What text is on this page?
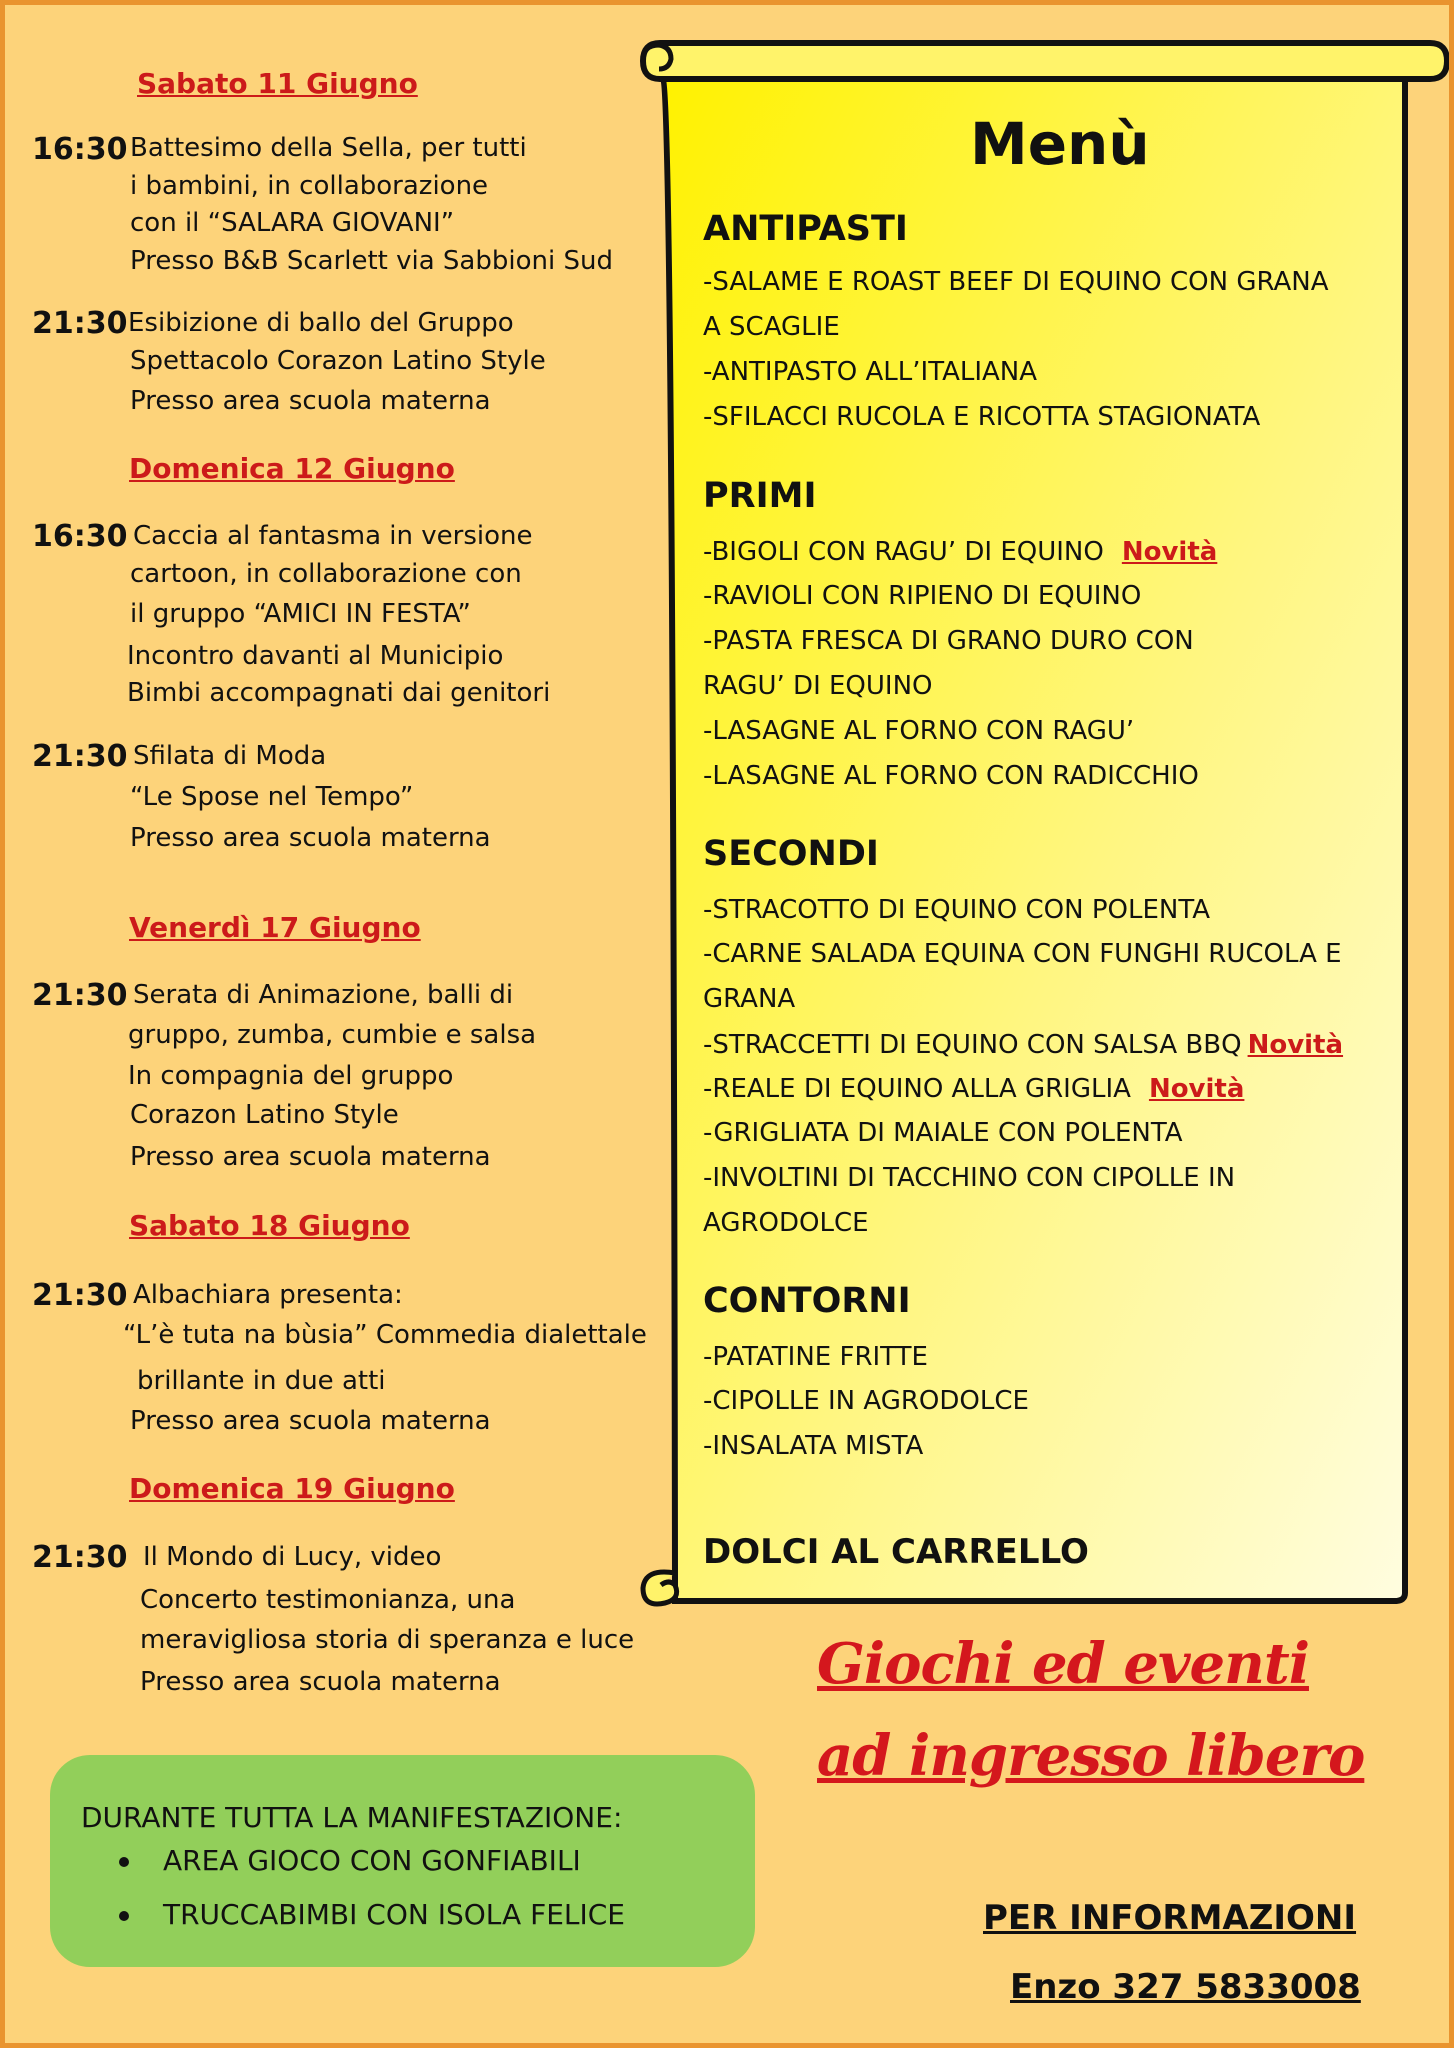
Sabato 11 Giugno
16:30 Battesimo della Sella, per tutti
i bambini, in collaborazione
con il “SALARA GIOVANI”
Presso B&B Scarlett via Sabbioni Sud
21:30 Esibizione di ballo del Gruppo
Spettacolo Corazon Latino Style
Presso area scuola materna
Domenica 12 Giugno
16:30 Caccia al fantasma in versione
cartoon, in collaborazione con
il gruppo “AMICI IN FESTA”
Incontro davanti al Municipio
Bimbi accompagnati dai genitori
21:30 Sfilata di Moda
“Le Spose nel Tempo”
Presso area scuola materna
Venerdì 17 Giugno
21:30 Serata di Animazione, balli di
gruppo, zumba, cumbie e salsa
In compagnia del gruppo
Corazon Latino Style
Presso area scuola materna
Sabato 18 Giugno
21:30 Albachiara presenta:
“L’è tuta na bùsia” Commedia dialettale
brillante in due atti
Presso area scuola materna
Domenica 19 Giugno
21:30 Il Mondo di Lucy, video
Concerto testimonianza, una
meravigliosa storia di speranza e luce
Presso area scuola materna
Menù
ANTIPASTI
-SALAME E ROAST BEEF DI EQUINO CON GRANA
A SCAGLIE
-ANTIPASTO ALL’ITALIANA
-SFILACCI RUCOLA E RICOTTA STAGIONATA
PRIMI
-BIGOLI CON RAGU’ DI EQUINO Novità
-RAVIOLI CON RIPIENO DI EQUINO
-PASTA FRESCA DI GRANO DURO CON
RAGU’ DI EQUINO
-LASAGNE AL FORNO CON RAGU’
-LASAGNE AL FORNO CON RADICCHIO
SECONDI
-STRACOTTO DI EQUINO CON POLENTA
-CARNE SALADA EQUINA CON FUNGHI RUCOLA E
GRANA
-STRACCETTI DI EQUINO CON SALSA BBQ Novità
-REALE DI EQUINO ALLA GRIGLIA Novità
-GRIGLIATA DI MAIALE CON POLENTA
-INVOLTINI DI TACCHINO CON CIPOLLE IN
AGRODOLCE
CONTORNI
-PATATINE FRITTE
-CIPOLLE IN AGRODOLCE
-INSALATA MISTA
DOLCI AL CARRELLO
Giochi ed eventi
ad ingresso libero
DURANTE TUTTA LA MANIFESTAZIONE:
AREA GIOCO CON GONFIABILI
TRUCCABIMBI CON ISOLA FELICE	PER INFORMAZIONI
Enzo 327 5833008
